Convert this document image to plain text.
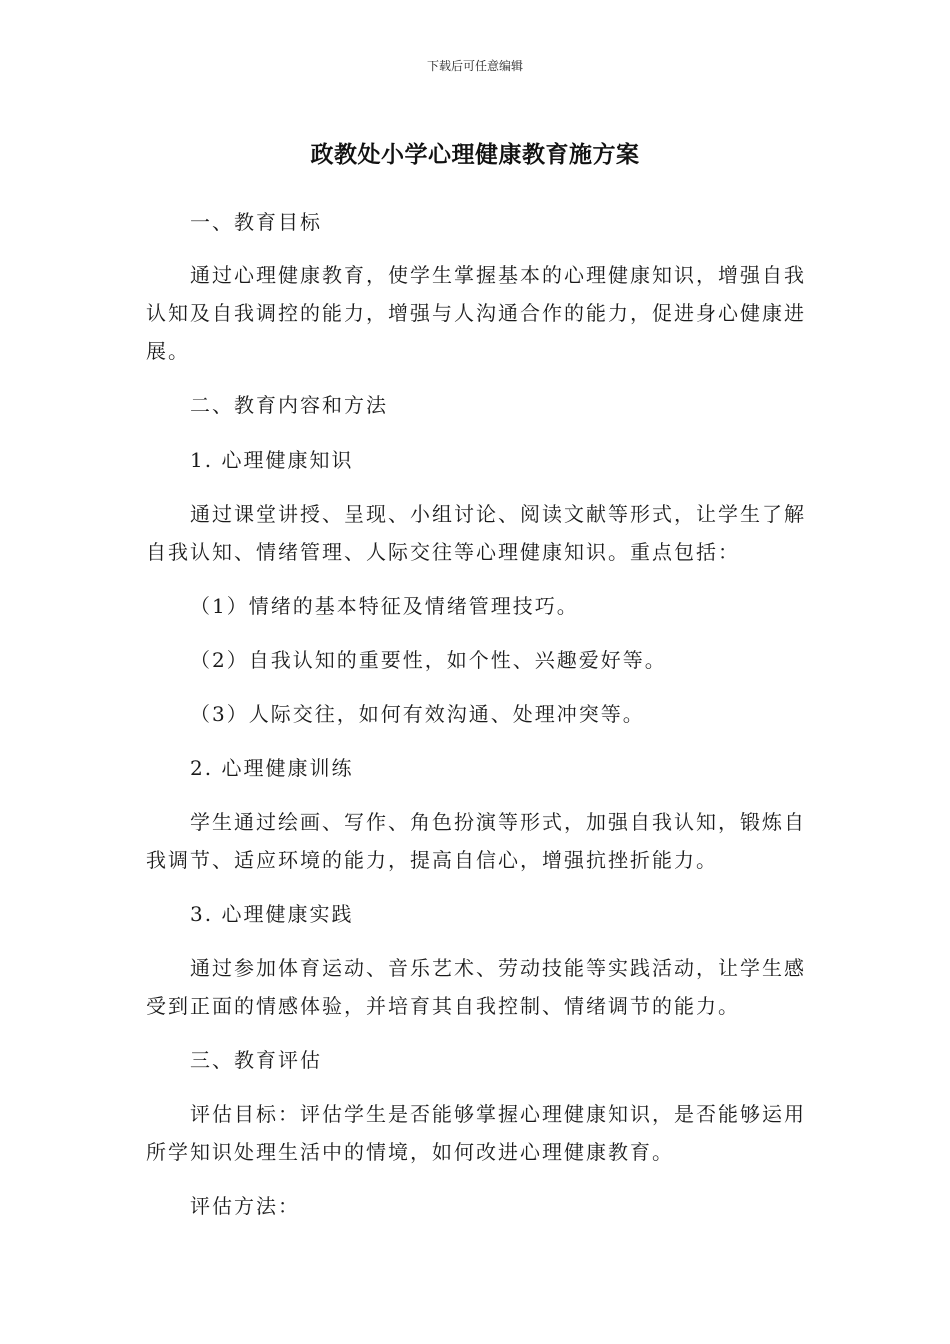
下载后可任意编辑
政教处小学心理健康教育施方案

一、教育目标

通过心理健康教育，使学生掌握基本的心理健康知识，增强自我认知及自我调控的能力，增强与人沟通合作的能力，促进身心健康进展。

二、教育内容和方法

1. 心理健康知识

通过课堂讲授、呈现、小组讨论、阅读文献等形式，让学生了解自我认知、情绪管理、人际交往等心理健康知识。重点包括：

（1）情绪的基本特征及情绪管理技巧。

（2）自我认知的重要性，如个性、兴趣爱好等。

（3）人际交往，如何有效沟通、处理冲突等。

2. 心理健康训练

学生通过绘画、写作、角色扮演等形式，加强自我认知，锻炼自我调节、适应环境的能力，提高自信心，增强抗挫折能力。

3. 心理健康实践

通过参加体育运动、音乐艺术、劳动技能等实践活动，让学生感受到正面的情感体验，并培育其自我控制、情绪调节的能力。

三、教育评估

评估目标：评估学生是否能够掌握心理健康知识，是否能够运用所学知识处理生活中的情境，如何改进心理健康教育。

评估方法：
